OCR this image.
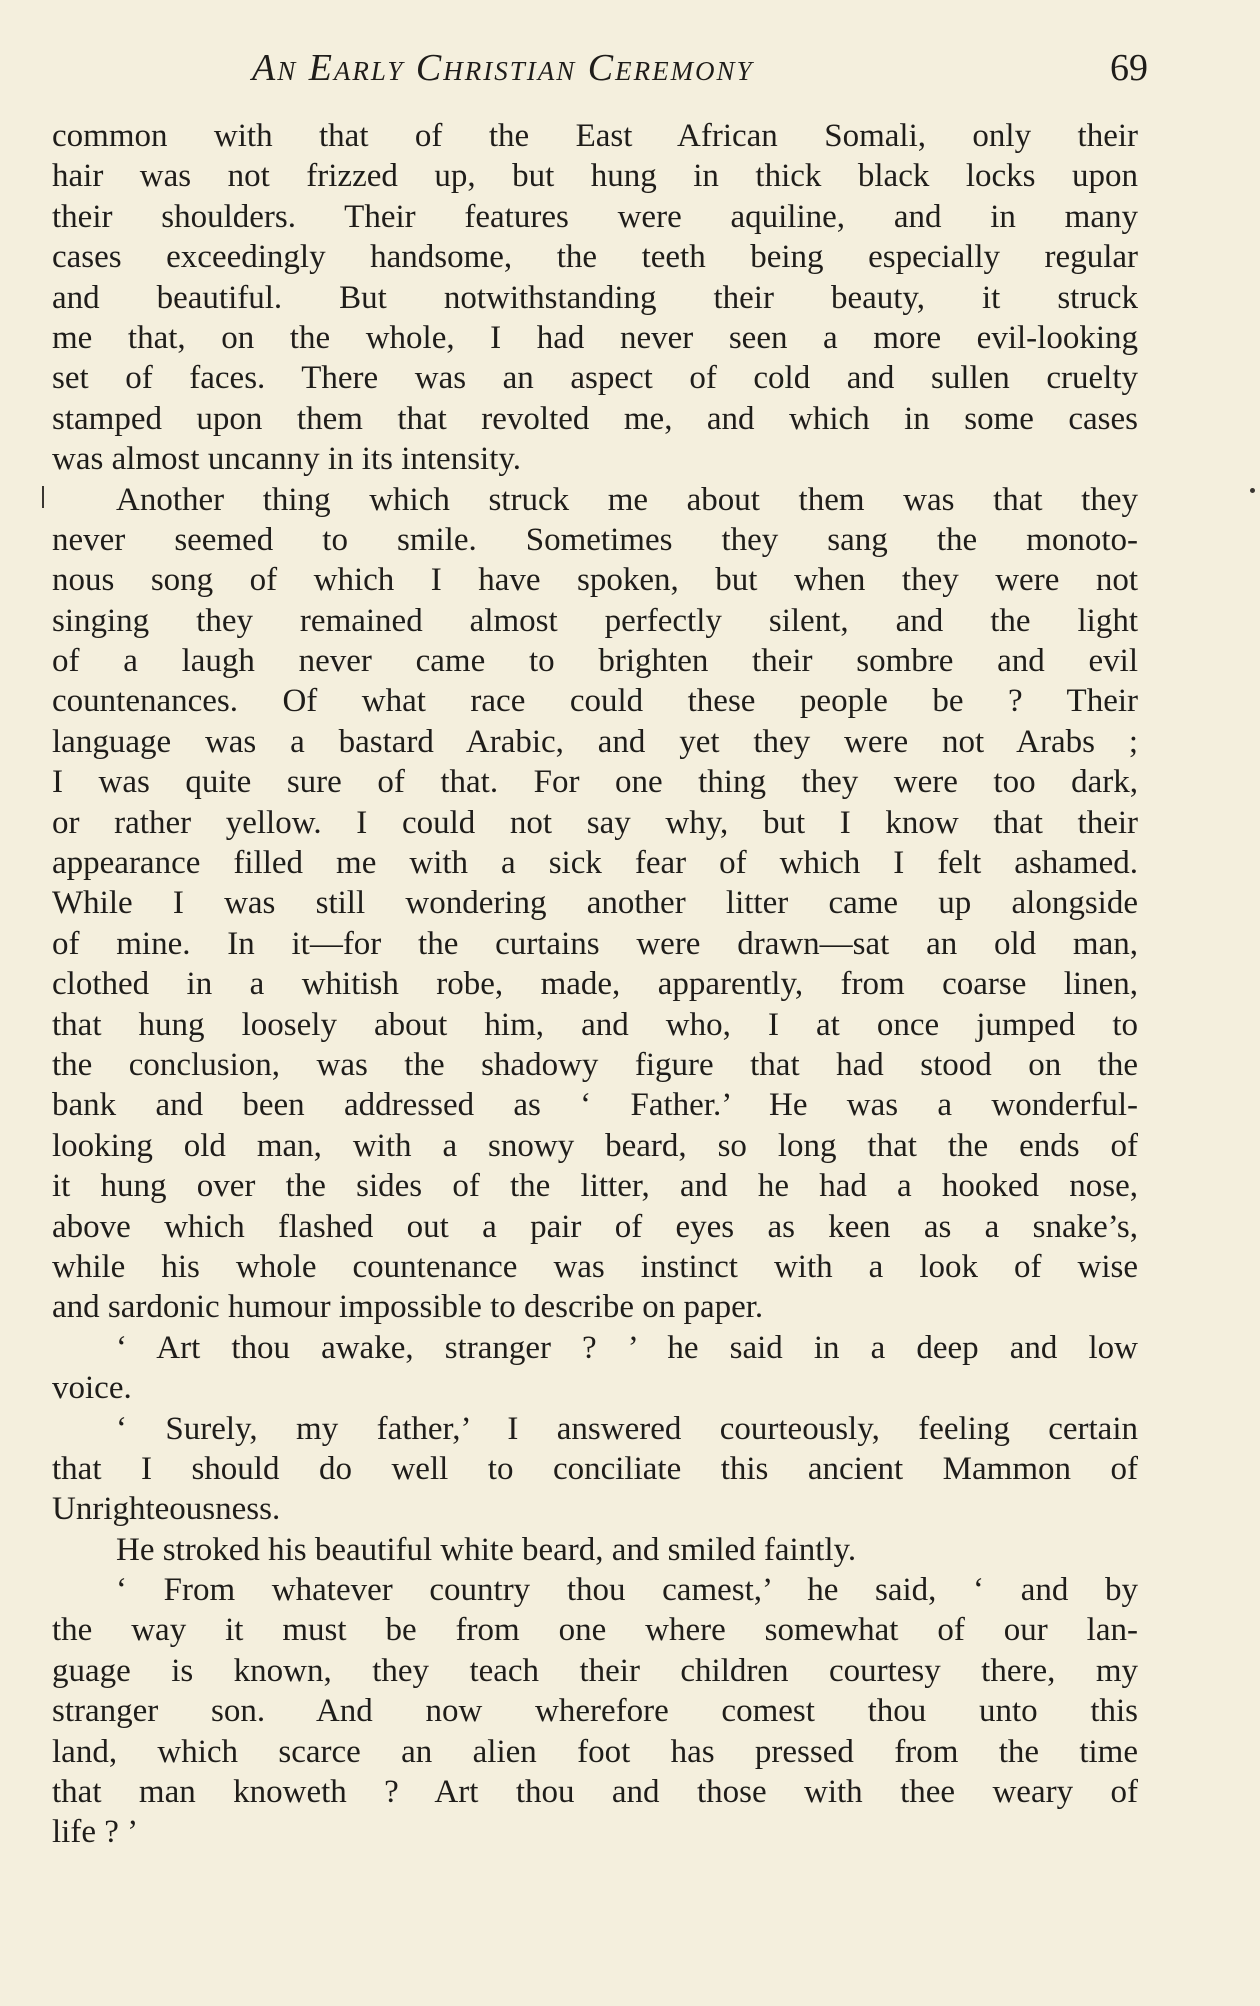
An Early Christian Ceremony	69
common with that of the East African Somali, only their
hair was not frizzed up, but hung in thick black locks upon
their shoulders. Their features were aquiline, and in many
cases exceedingly handsome, the teeth being especially regular
and beautiful. But notwithstanding their beauty, it struck
me that, on the whole, I had never seen a more evil-looking
set of faces. There was an aspect of cold and sullen cruelty
stamped upon them that revolted me, and which in some cases
was almost uncanny in its intensity.
Another thing which struck me about them was that they
never seemed to smile. Sometimes they sang the monoto-
nous song of which I have spoken, but when they were not
singing they remained almost perfectly silent, and the light
of a laugh never came to brighten their sombre and evil
countenances. Of what race could these people be ? Their
language was a bastard Arabic, and yet they were not Arabs ;
I was quite sure of that. For one thing they were too dark,
or rather yellow. I could not say why, but I know that their
appearance filled me with a sick fear of which I felt ashamed.
While I was still wondering another litter came up alongside
of mine. In it—for the curtains were drawn—sat an old man,
clothed in a whitish robe, made, apparently, from coarse linen,
that hung loosely about him, and who, I at once jumped to
the conclusion, was the shadowy figure that had stood on the
bank and been addressed as ‘ Father.’ He was a wonderful-
looking old man, with a snowy beard, so long that the ends of
it hung over the sides of the litter, and he had a hooked nose,
above which flashed out a pair of eyes as keen as a snake’s,
while his whole countenance was instinct with a look of wise
and sardonic humour impossible to describe on paper.
‘ Art thou awake, stranger ? ’ he said in a deep and low
voice.
‘ Surely, my father,’ I answered courteously, feeling certain
that I should do well to conciliate this ancient Mammon of
Unrighteousness.
He stroked his beautiful white beard, and smiled faintly.
‘ From whatever country thou camest,’ he said, ‘ and by
the way it must be from one where somewhat of our lan-
guage is known, they teach their children courtesy there, my
stranger son. And now wherefore comest thou unto this
land, which scarce an alien foot has pressed from the time
that man knoweth ? Art thou and those with thee weary of
life ? ’
